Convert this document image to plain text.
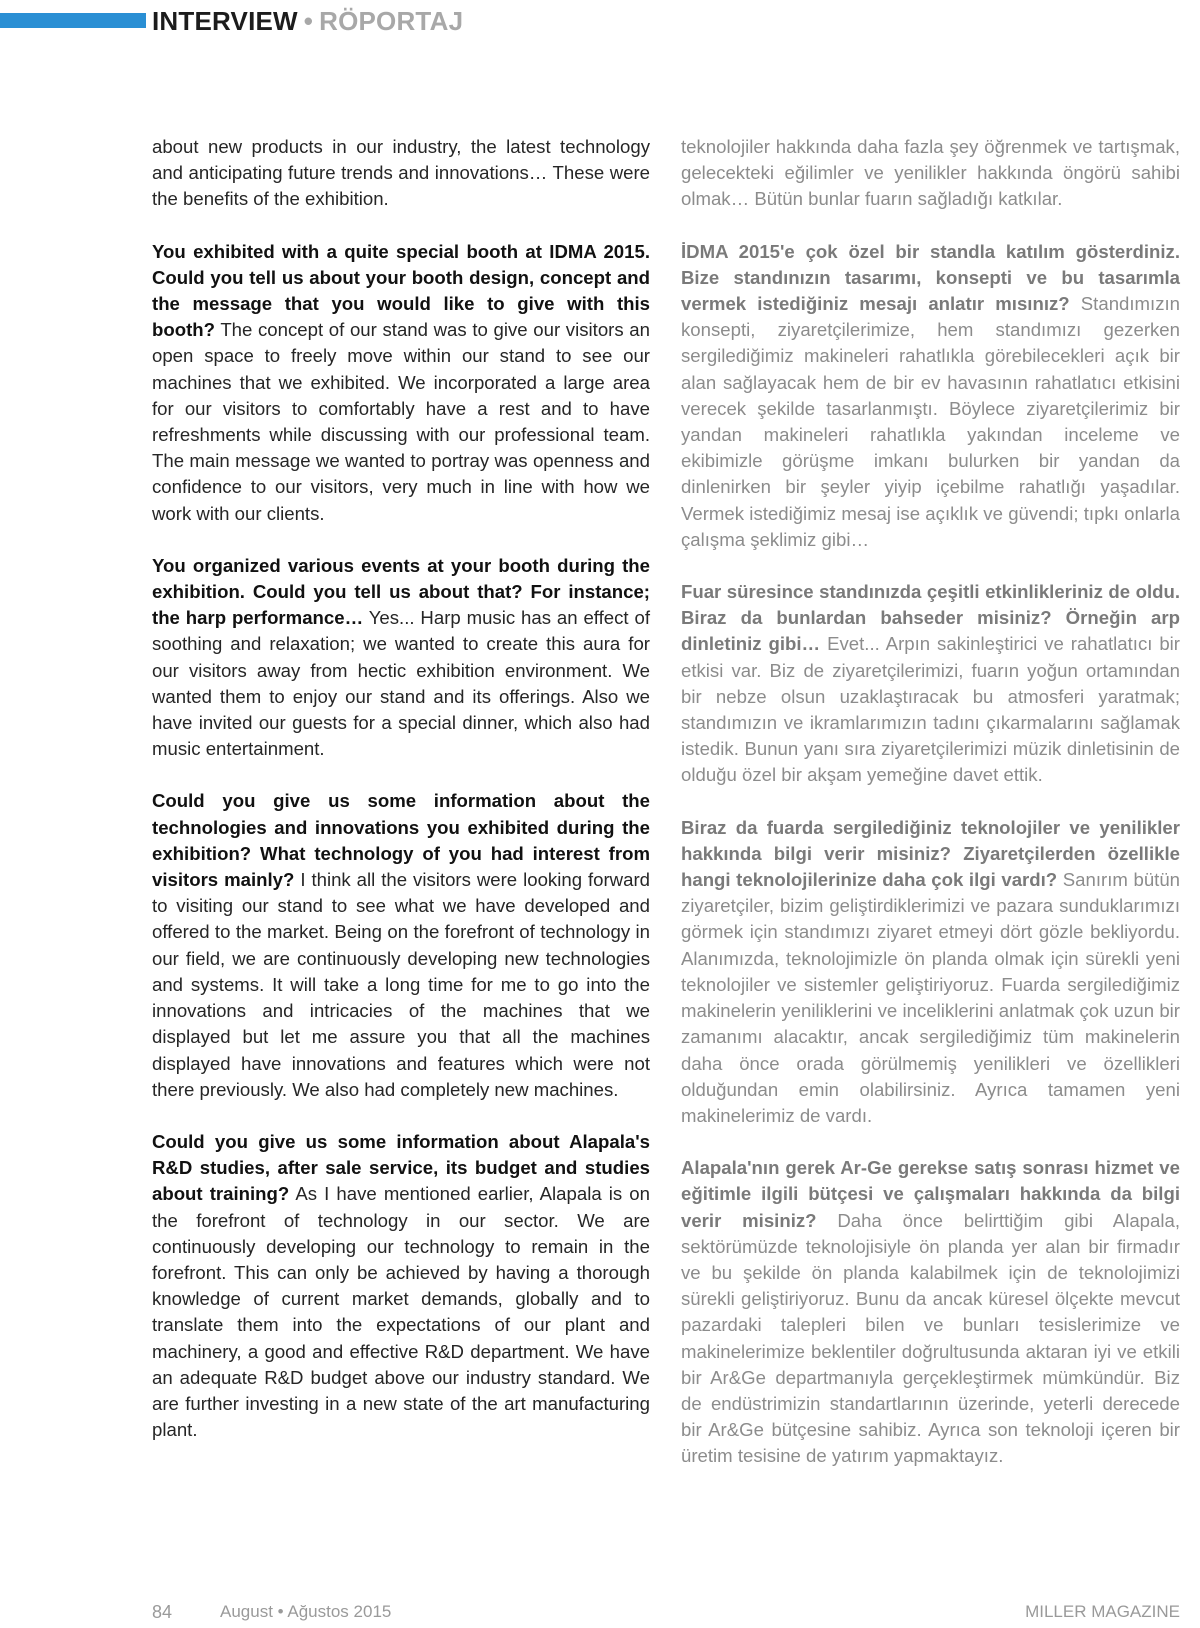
INTERVIEW • RÖPORTAJ

about new products in our industry, the latest technology and anticipating future trends and innovations… These were the benefits of the exhibition.

You exhibited with a quite special booth at IDMA 2015. Could you tell us about your booth design, concept and the message that you would like to give with this booth? The concept of our stand was to give our visitors an open space to freely move within our stand to see our machines that we exhibited. We incorporated a large area for our visitors to comfortably have a rest and to have refreshments while discussing with our professional team. The main message we wanted to portray was openness and confidence to our visitors, very much in line with how we work with our clients.

You organized various events at your booth during the exhibition. Could you tell us about that? For instance; the harp performance… Yes... Harp music has an effect of soothing and relaxation; we wanted to create this aura for our visitors away from hectic exhibition environment. We wanted them to enjoy our stand and its offerings. Also we have invited our guests for a special dinner, which also had music entertainment.

Could you give us some information about the technologies and innovations you exhibited during the exhibition? What technology of you had interest from visitors mainly? I think all the visitors were looking forward to visiting our stand to see what we have developed and offered to the market. Being on the forefront of technology in our field, we are continuously developing new technologies and systems. It will take a long time for me to go into the innovations and intricacies of the machines that we displayed but let me assure you that all the machines displayed have innovations and features which were not there previously. We also had completely new machines.

Could you give us some information about Alapala's R&D studies, after sale service, its budget and studies about training? As I have mentioned earlier, Alapala is on the forefront of technology in our sector. We are continuously developing our technology to remain in the forefront. This can only be achieved by having a thorough knowledge of current market demands, globally and to translate them into the expectations of our plant and machinery, a good and effective R&D department. We have an adequate R&D budget above our industry standard. We are further investing in a new state of the art manufacturing plant.

teknolojiler hakkında daha fazla şey öğrenmek ve tartışmak, gelecekteki eğilimler ve yenilikler hakkında öngörü sahibi olmak… Bütün bunlar fuarın sağladığı katkılar.

İDMA 2015'e çok özel bir standla katılım gösterdiniz. Bize standınızın tasarımı, konsepti ve bu tasarımla vermek istediğiniz mesajı anlatır mısınız? Standımızın konsepti, ziyaretçilerimize, hem standımızı gezerken sergilediğimiz makineleri rahatlıkla görebilecekleri açık bir alan sağlayacak hem de bir ev havasının rahatlatıcı etkisini verecek şekilde tasarlanmıştı. Böylece ziyaretçilerimiz bir yandan makineleri rahatlıkla yakından inceleme ve ekibimizle görüşme imkanı bulurken bir yandan da dinlenirken bir şeyler yiyip içebilme rahatlığı yaşadılar. Vermek istediğimiz mesaj ise açıklık ve güvendi; tıpkı onlarla çalışma şeklimiz gibi…

Fuar süresince standınızda çeşitli etkinlikleriniz de oldu. Biraz da bunlardan bahseder misiniz? Örneğin arp dinletiniz gibi… Evet... Arpın sakinleştirici ve rahatlatıcı bir etkisi var. Biz de ziyaretçilerimizi, fuarın yoğun ortamından bir nebze olsun uzaklaştıracak bu atmosferi yaratmak; standımızın ve ikramlarımızın tadını çıkarmalarını sağlamak istedik. Bunun yanı sıra ziyaretçilerimizi müzik dinletisinin de olduğu özel bir akşam yemeğine davet ettik.

Biraz da fuarda sergilediğiniz teknolojiler ve yenilikler hakkında bilgi verir misiniz? Ziyaretçilerden özellikle hangi teknolojilerinize daha çok ilgi vardı? Sanırım bütün ziyaretçiler, bizim geliştirdiklerimizi ve pazara sunduklarımızı görmek için standımızı ziyaret etmeyi dört gözle bekliyordu. Alanımızda, teknolojimizle ön planda olmak için sürekli yeni teknolojiler ve sistemler geliştiriyoruz. Fuarda sergilediğimiz makinelerin yeniliklerini ve inceliklerini anlatmak çok uzun bir zamanımı alacaktır, ancak sergilediğimiz tüm makinelerin daha önce orada görülmemiş yenilikleri ve özellikleri olduğundan emin olabilirsiniz. Ayrıca tamamen yeni makinelerimiz de vardı.

Alapala'nın gerek Ar-Ge gerekse satış sonrası hizmet ve eğitimle ilgili bütçesi ve çalışmaları hakkında da bilgi verir misiniz? Daha önce belirttiğim gibi Alapala, sektörümüzde teknolojisiyle ön planda yer alan bir firmadır ve bu şekilde ön planda kalabilmek için de teknolojimizi sürekli geliştiriyoruz. Bunu da ancak küresel ölçekte mevcut pazardaki talepleri bilen ve bunları tesislerimize ve makinelerimize beklentiler doğrultusunda aktaran iyi ve etkili bir Ar&Ge departmanıyla gerçekleştirmek mümkündür. Biz de endüstrimizin standartlarının üzerinde, yeterli derecede bir Ar&Ge bütçesine sahibiz. Ayrıca son teknoloji içeren bir üretim tesisine de yatırım yapmaktayız.

84	August • Ağustos 2015	MILLER MAGAZINE
